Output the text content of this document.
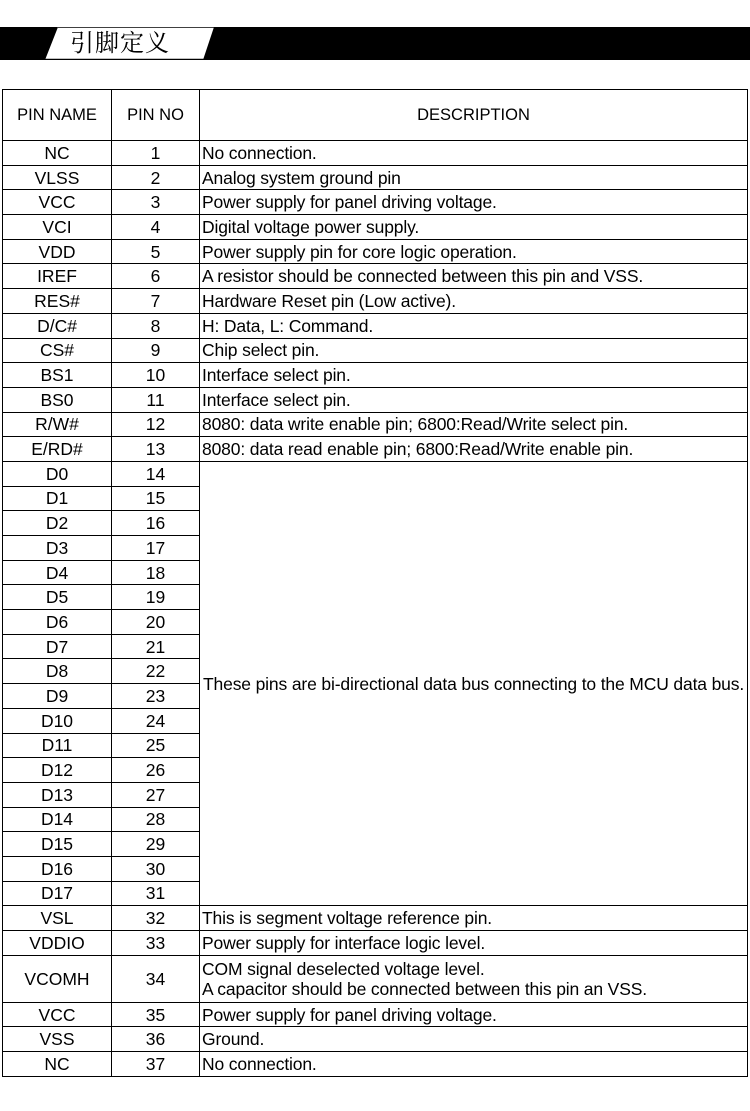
引脚定义
PIN NAME	PIN NO	DESCRIPTION
NC	1	No connection.
VLSS	2	Analog system ground pin
VCC	3	Power supply for panel driving voltage.
VCI	4	Digital voltage power supply.
VDD	5	Power supply pin for core logic operation.
IREF	6	A resistor should be connected between this pin and VSS.
RES#	7	Hardware Reset pin (Low active).
D/C#	8	H: Data, L: Command.
CS#	9	Chip select pin.
BS1	10	Interface select pin.
BS0	11	Interface select pin.
R/W#	12	8080: data write enable pin; 6800:Read/Write select pin.
E/RD#	13	8080: data read enable pin; 6800:Read/Write enable pin.
D0	14	These pins are bi-directional data bus connecting to the MCU data bus.
D1	15	
D2	16	
D3	17	
D4	18	
D5	19	
D6	20	
D7	21	
D8	22	
D9	23	
D10	24	
D11	25	
D12	26	
D13	27	
D14	28	
D15	29	
D16	30	
D17	31	
VSL	32	This is segment voltage reference pin.
VDDIO	33	Power supply for interface logic level.
VCOMH	34	COM signal deselected voltage level.
A capacitor should be connected between this pin an VSS.

VCC	35	Power supply for panel driving voltage.
VSS	36	Ground.
NC	37	No connection.
